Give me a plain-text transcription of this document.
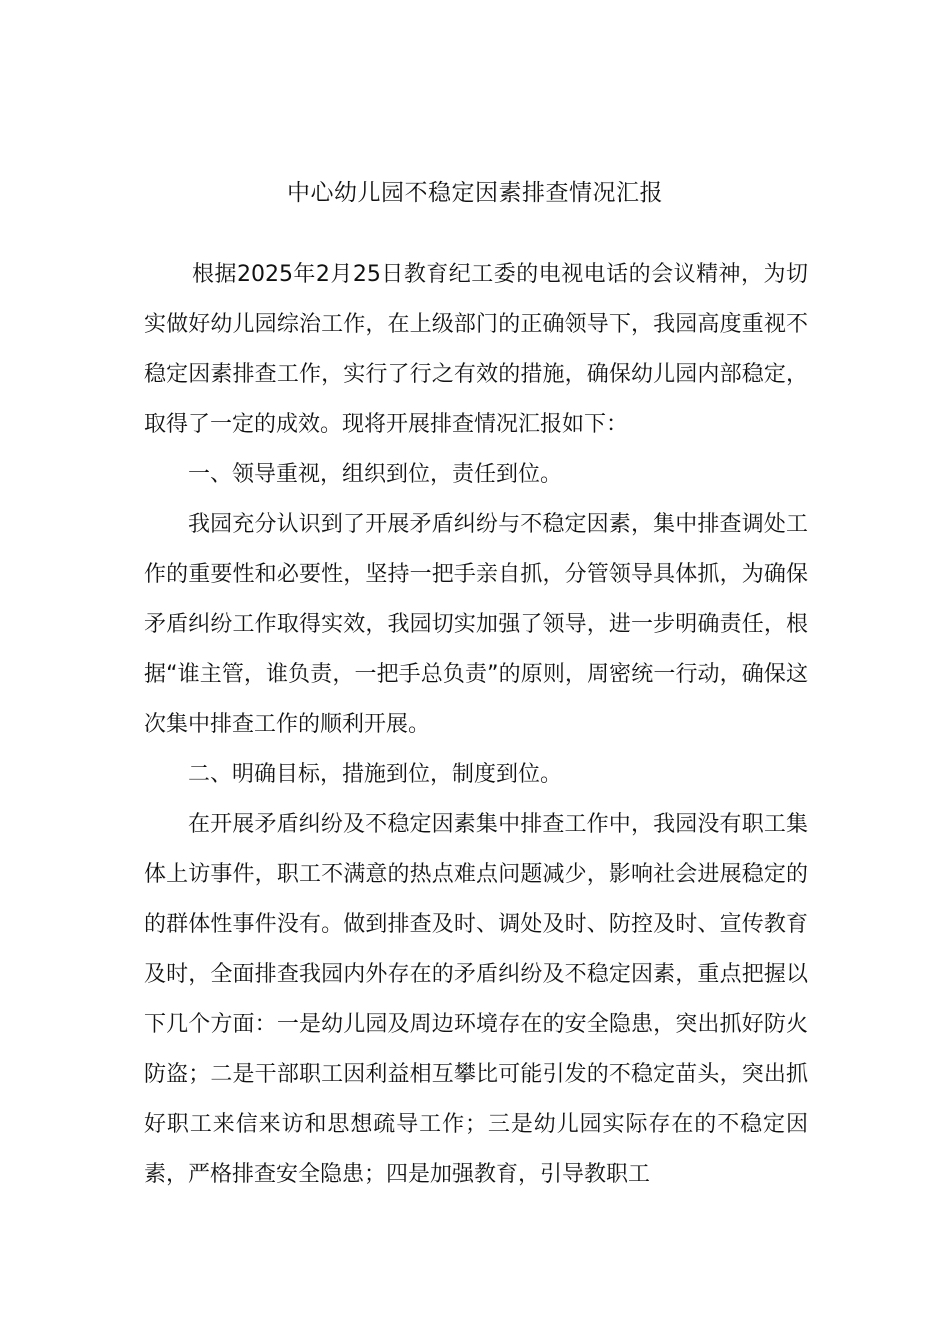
中心幼儿园不稳定因素排查情况汇报

根据2025年2月25日教育纪工委的电视电话的会议精神，为切实做好幼儿园综治工作，在上级部门的正确领导下，我园高度重视不稳定因素排查工作，实行了行之有效的措施，确保幼儿园内部稳定，取得了一定的成效。现将开展排查情况汇报如下：

一、领导重视，组织到位，责任到位。

我园充分认识到了开展矛盾纠纷与不稳定因素，集中排查调处工作的重要性和必要性，坚持一把手亲自抓，分管领导具体抓，为确保矛盾纠纷工作取得实效，我园切实加强了领导，进一步明确责任，根据“谁主管，谁负责，一把手总负责”的原则，周密统一行动，确保这次集中排查工作的顺利开展。

二、明确目标，措施到位，制度到位。

在开展矛盾纠纷及不稳定因素集中排查工作中，我园没有职工集体上访事件，职工不满意的热点难点问题减少，影响社会进展稳定的的群体性事件没有。做到排查及时、调处及时、防控及时、宣传教育及时，全面排查我园内外存在的矛盾纠纷及不稳定因素，重点把握以下几个方面：一是幼儿园及周边环境存在的安全隐患，突出抓好防火防盗；二是干部职工因利益相互攀比可能引发的不稳定苗头，突出抓好职工来信来访和思想疏导工作；三是幼儿园实际存在的不稳定因素，严格排查安全隐患；四是加强教育，引导教职工
